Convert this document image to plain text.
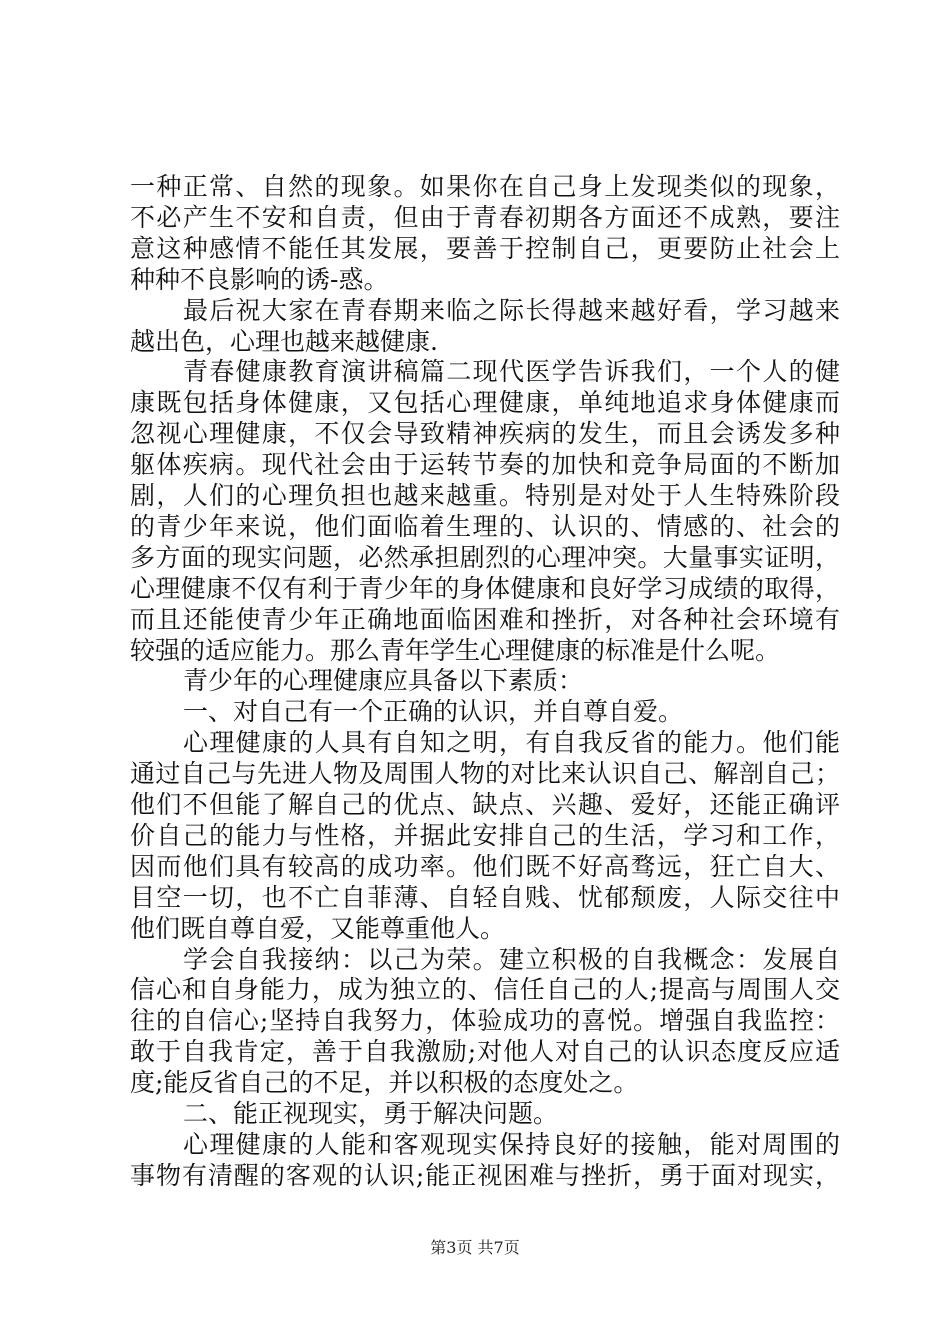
一种正常、自然的现象。如果你在自己身上发现类似的现象，
不必产生不安和自责，但由于青春初期各方面还不成熟，要注
意这种感情不能任其发展，要善于控制自己，更要防止社会上
种种不良影响的诱-惑。
最后祝大家在青春期来临之际长得越来越好看，学习越来
越出色，心理也越来越健康.
青春健康教育演讲稿篇二现代医学告诉我们，一个人的健
康既包括身体健康，又包括心理健康，单纯地追求身体健康而
忽视心理健康，不仅会导致精神疾病的发生，而且会诱发多种
躯体疾病。现代社会由于运转节奏的加快和竞争局面的不断加
剧，人们的心理负担也越来越重。特别是对处于人生特殊阶段
的青少年来说，他们面临着生理的、认识的、情感的、社会的
多方面的现实问题，必然承担剧烈的心理冲突。大量事实证明，
心理健康不仅有利于青少年的身体健康和良好学习成绩的取得，
而且还能使青少年正确地面临困难和挫折，对各种社会环境有
较强的适应能力。那么青年学生心理健康的标准是什么呢。
青少年的心理健康应具备以下素质：
一、对自己有一个正确的认识，并自尊自爱。
心理健康的人具有自知之明，有自我反省的能力。他们能
通过自己与先进人物及周围人物的对比来认识自己、解剖自己；
他们不但能了解自己的优点、缺点、兴趣、爱好，还能正确评
价自己的能力与性格，并据此安排自己的生活，学习和工作，
因而他们具有较高的成功率。他们既不好高骛远，狂亡自大、
目空一切，也不亡自菲薄、自轻自贱、忧郁颓废，人际交往中
他们既自尊自爱，又能尊重他人。
学会自我接纳：以己为荣。建立积极的自我概念：发展自
信心和自身能力，成为独立的、信任自己的人;提高与周围人交
往的自信心;坚持自我努力，体验成功的喜悦。增强自我监控：
敢于自我肯定，善于自我激励;对他人对自己的认识态度反应适
度;能反省自己的不足，并以积极的态度处之。
二、能正视现实，勇于解决问题。
心理健康的人能和客观现实保持良好的接触，能对周围的
事物有清醒的客观的认识;能正视困难与挫折，勇于面对现实，
第3页 共7页
